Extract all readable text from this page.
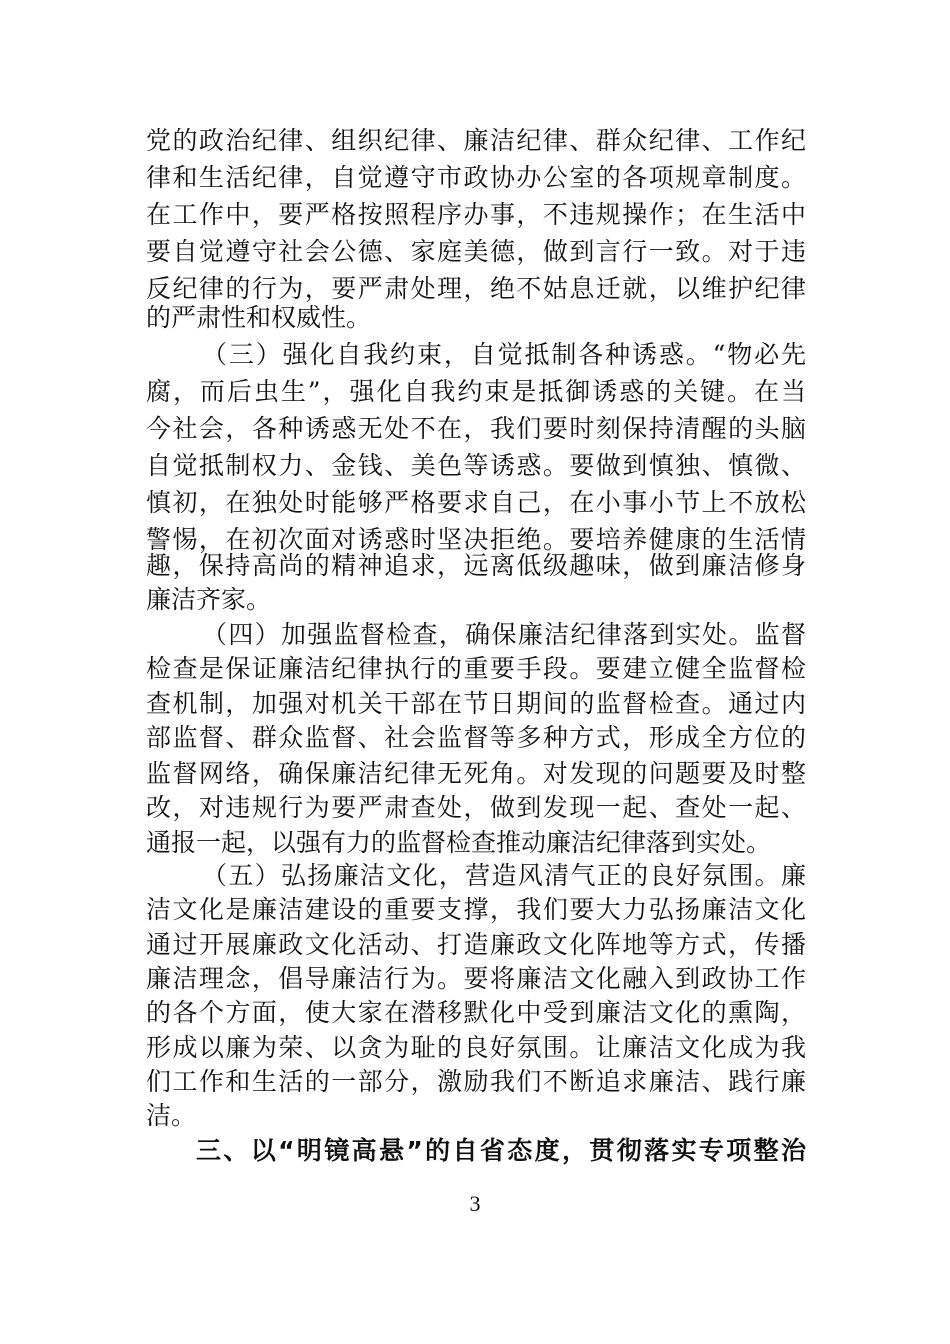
党的政治纪律、组织纪律、廉洁纪律、群众纪律、工作纪
律和生活纪律，自觉遵守市政协办公室的各项规章制度。
在工作中，要严格按照程序办事，不违规操作；在生活中
要自觉遵守社会公德、家庭美德，做到言行一致。对于违
反纪律的行为，要严肃处理，绝不姑息迁就，以维护纪律
的严肃性和权威性。
（三）强化自我约束，自觉抵制各种诱惑。“物必先
腐，而后虫生”，强化自我约束是抵御诱惑的关键。在当
今社会，各种诱惑无处不在，我们要时刻保持清醒的头脑
自觉抵制权力、金钱、美色等诱惑。要做到慎独、慎微、
慎初，在独处时能够严格要求自己，在小事小节上不放松
警惕，在初次面对诱惑时坚决拒绝。要培养健康的生活情
趣，保持高尚的精神追求，远离低级趣味，做到廉洁修身
廉洁齐家。
（四）加强监督检查，确保廉洁纪律落到实处。监督
检查是保证廉洁纪律执行的重要手段。要建立健全监督检
查机制，加强对机关干部在节日期间的监督检查。通过内
部监督、群众监督、社会监督等多种方式，形成全方位的
监督网络，确保廉洁纪律无死角。对发现的问题要及时整
改，对违规行为要严肃查处，做到发现一起、查处一起、
通报一起，以强有力的监督检查推动廉洁纪律落到实处。
（五）弘扬廉洁文化，营造风清气正的良好氛围。廉
洁文化是廉洁建设的重要支撑，我们要大力弘扬廉洁文化
通过开展廉政文化活动、打造廉政文化阵地等方式，传播
廉洁理念，倡导廉洁行为。要将廉洁文化融入到政协工作
的各个方面，使大家在潜移默化中受到廉洁文化的熏陶，
形成以廉为荣、以贪为耻的良好氛围。让廉洁文化成为我
们工作和生活的一部分，激励我们不断追求廉洁、践行廉
洁。
三、以“明镜高悬”的自省态度，贯彻落实专项整治
3
